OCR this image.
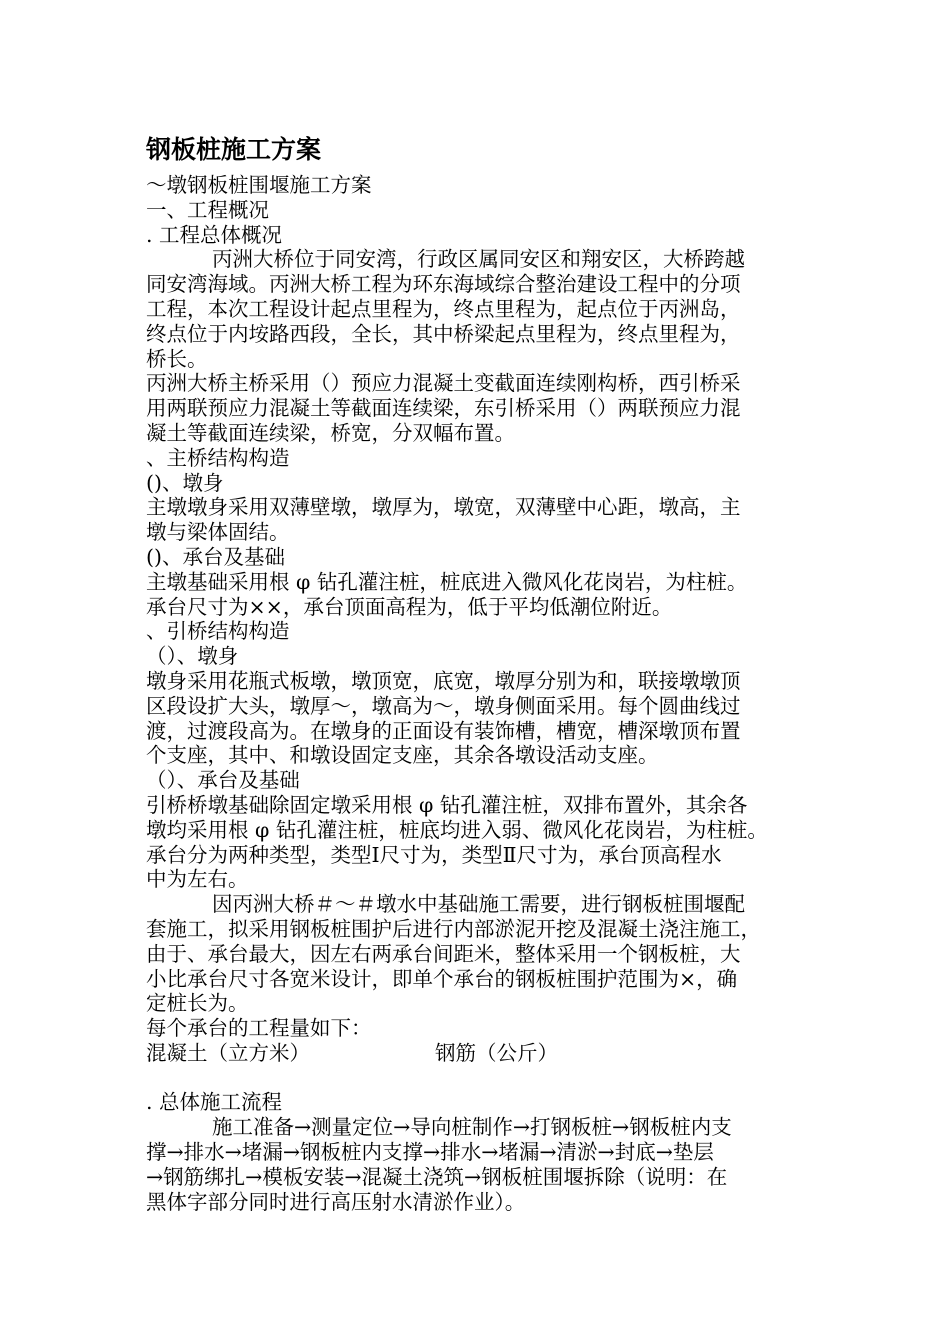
钢板桩施工方案
～墩钢板桩围堰施工方案
一、工程概况
. 工程总体概况
丙洲大桥位于同安湾，行政区属同安区和翔安区，大桥跨越
同安湾海域。丙洲大桥工程为环东海域综合整治建设工程中的分项
工程，本次工程设计起点里程为，终点里程为，起点位于丙洲岛，
终点位于内垵路西段，全长，其中桥梁起点里程为，终点里程为，
桥长。
丙洲大桥主桥采用（）预应力混凝土变截面连续刚构桥，西引桥采
用两联预应力混凝土等截面连续梁，东引桥采用（）两联预应力混
凝土等截面连续梁，桥宽，分双幅布置。
、主桥结构构造
()、墩身
主墩墩身采用双薄壁墩，墩厚为，墩宽，双薄壁中心距，墩高，主
墩与梁体固结。
()、承台及基础
主墩基础采用根 φ 钻孔灌注桩，桩底进入微风化花岗岩，为柱桩。
承台尺寸为××，承台顶面高程为，低于平均低潮位附近。
、引桥结构构造
（）、墩身
墩身采用花瓶式板墩，墩顶宽，底宽，墩厚分别为和，联接墩墩顶
区段设扩大头，墩厚～，墩高为～，墩身侧面采用。每个圆曲线过
渡，过渡段高为。在墩身的正面设有装饰槽，槽宽，槽深墩顶布置
个支座，其中、和墩设固定支座，其余各墩设活动支座。
（）、承台及基础
引桥桥墩基础除固定墩采用根 φ 钻孔灌注桩，双排布置外，其余各
墩均采用根 φ 钻孔灌注桩，桩底均进入弱、微风化花岗岩，为柱桩。
承台分为两种类型，类型Ⅰ尺寸为，类型Ⅱ尺寸为，承台顶高程水
中为左右。
因丙洲大桥＃～＃墩水中基础施工需要，进行钢板桩围堰配
套施工，拟采用钢板桩围护后进行内部淤泥开挖及混凝土浇注施工，
由于、承台最大，因左右两承台间距米，整体采用一个钢板桩，大
小比承台尺寸各宽米设计，即单个承台的钢板桩围护范围为×，确
定桩长为。
每个承台的工程量如下：
混凝土（立方米）	钢筋（公斤）
. 总体施工流程
施工准备→测量定位→导向桩制作→打钢板桩→钢板桩内支
撑→排水→堵漏→钢板桩内支撑→排水→堵漏→清淤→封底→垫层
→钢筋绑扎→模板安装→混凝土浇筑→钢板桩围堰拆除（说明：在
黑体字部分同时进行高压射水清淤作业）。
